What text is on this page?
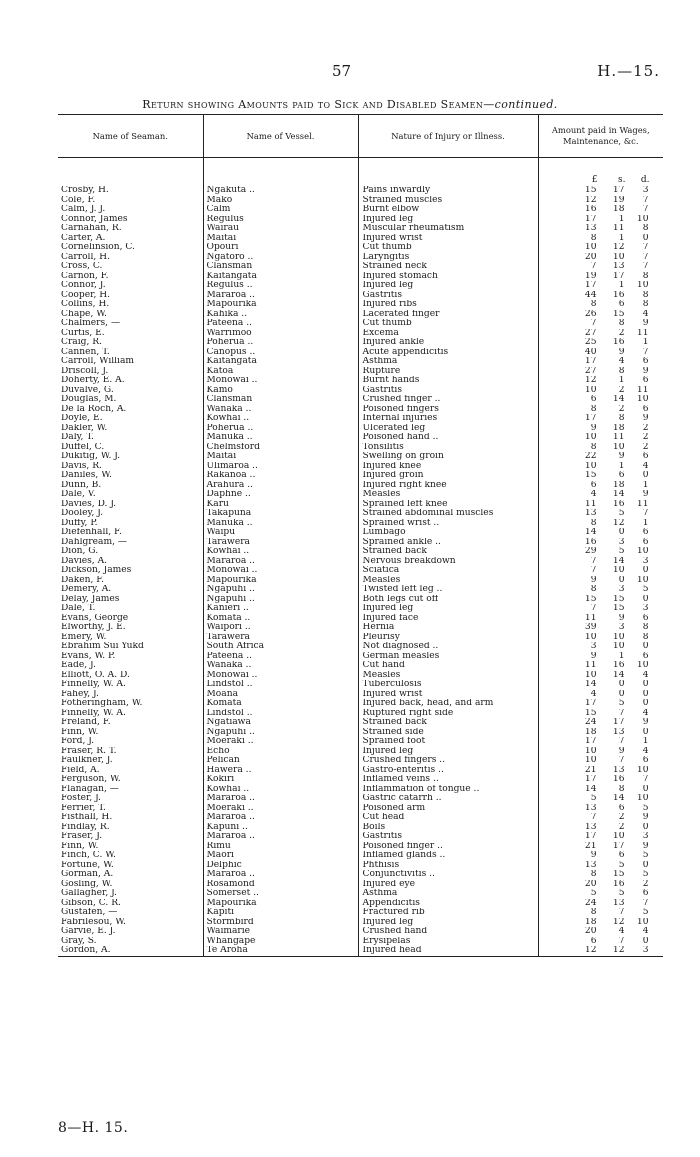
57	H.—15.
Return showing Amounts paid to Sick and Disabled Seamen—continued.
Name of Seaman.	Name of Vessel.	Nature of Injury or Illness.	Amount paid in Wages, Maintenance, &c.

			£ s. d.

Crosby, H.	Ngakuta ..	Pains inwardly	15 17 3

Cole, F.	Mako	Strained muscles	12 19 7

Calm, J. J.	Calm	Burnt elbow	16 18 7

Connor, James	Regulus	Injured leg	17 1 10

Carnahan, R.	Wairau	Muscular rheumatism	13 11 8

Carter, A.	Maitai	Injured wrist	8 1 0

Cornelinsion, C.	Opouri	Cut thumb	10 12 7

Carroll, H.	Ngatoro ..	Laryngitis	20 10 7

Cross, C.	Clansman	Strained neck	7 13 7

Carnon, F.	Kaitangata	Injured stomach	19 17 8

Connor, J.	Regulus ..	Injured leg	17 1 10

Cooper, H.	Mararoa ..	Gastritis	44 16 8

Collins, H.	Mapourika	Injured ribs	8 6 8

Chape, W.	Kahika ..	Lacerated finger	26 15 4

Chalmers, —	Pateena ..	Cut thumb	7 8 9

Curtis, E.	Warrimoo	Excema	27 2 11

Craig, R.	Poherua ..	Injured ankle	25 16 1

Cannen, T.	Canopus ..	Acute appendicitis	40 9 7

Carroll, William	Kaitangata	Asthma	17 4 6

Driscoll, J.	Katoa	Rupture	27 8 9

Doherty, E. A.	Monowai ..	Burnt hands	12 1 6

Duvalve, G.	Kamo	Gastritis	10 2 11

Douglas, M.	Clansman	Crushed finger ..	6 14 10

De la Roch, A.	Wanaka ..	Poisoned fingers	8 2 6

Doyle, E.	Kowhai ..	Internal injuries	17 8 9

Dakler, W.	Poherua ..	Ulcerated leg	9 18 2

Daly, T.	Manuka ..	Poisoned hand ..	10 11 2

Duffel, C.	Chelmsford	Tonsilitis	8 10 2

Dukitig, W. J.	Maitai	Swelling on groin	22 9 6

Davis, R.	Ulimaroa ..	Injured knee	10 1 4

Daniles, W.	Rakanoa ..	Injured groin	15 6 0

Dunn, B.	Arahura ..	Injured right knee	6 18 1

Dale, V.	Daphne ..	Measles	4 14 9

Davies, D. J.	Karu	Sprained left knee	11 16 11

Dooley, J.	Takapuna	Strained abdominal muscles	13 5 7

Duffy, P.	Manuka ..	Sprained wrist ..	8 12 1

Diefenhall, F.	Waipu	Lumbago	14 0 6

Dahlgream, —	Tarawera	Sprained ankle ..	16 3 6

Dion, G.	Kowhai ..	Strained back	29 5 10

Davies, A.	Mararoa ..	Nervous breakdown	7 14 3

Dickson, James	Monowai ..	Sciatica	7 10 0

Daken, F.	Mapourika	Measles	9 0 10

Demery, A.	Ngapuhi ..	Twisted left leg ..	8 3 5

Delay, James	Ngapuhi ..	Both legs cut off	15 15 0

Dale, T.	Kanieri ..	Injured leg	7 15 3

Evans, George	Komata ..	Injured face	11 9 6

Elworthy, J. E.	Waipori ..	Hernia	39 3 8

Emery, W.	Tarawera	Pleurisy	10 10 8

Ebrahim Sui Yukd	South Africa	Not diagnosed ..	3 10 0

Evans, W. P.	Pateena ..	German measles	9 1 6

Eade, J.	Wanaka ..	Cut hand	11 16 10

Elliott, O. A. D.	Monowai ..	Measles	10 14 4

Finnelly, W. A.	Lindstol ..	Tuberculosis	14 0 0

Fahey, J.	Moana	Injured wrist	4 0 0

Fotheringham, W.	Komata	Injured back, head, and arm	17 5 0

Finnelly, W. A.	Lindstol ..	Ruptured right side	15 7 4

Freland, F.	Ngatiawa	Strained back	24 17 9

Finn, W.	Ngapuhi ..	Strained side	18 13 0

Ford, J.	Moeraki ..	Sprained foot	17 7 1

Fraser, R. T.	Echo	Injured leg	10 9 4

Faulkner, J.	Pelican	Crushed fingers ..	10 7 6

Field, A.	Hawera ..	Gastro-enteritis ..	21 13 10

Ferguson, W.	Kokiri	Inflamed veins ..	17 16 7

Flanagan, —	Kowhai ..	Inflammation of tongue ..	14 8 0

Foster, J.	Mararoa ..	Gastric catarrh ..	5 14 10

Ferrier, T.	Moeraki ..	Poisoned arm	13 6 5

Fisthall, H.	Mararoa ..	Cut head	7 2 9

Findlay, R.	Kapuni ..	Boils	13 2 0

Fraser, J.	Mararoa ..	Gastritis	17 10 3

Finn, W.	Rimu	Poisoned finger ..	21 17 9

Finch, C. W.	Maori	Inflamed glands ..	9 6 5

Fortune, W.	Delphic	Phthisis	13 5 0

Gorman, A.	Mararoa ..	Conjunctivitis ..	8 15 5

Gosling, W.	Rosamond	Injured eye	20 16 2

Gallagher, J.	Somerset ..	Asthma	5 5 6

Gibson, C. R.	Mapourika	Appendicitis	24 13 7

Gustafen, —	Kapiti	Fractured rib	8 7 5

Fabrilesou, W.	Stormbird	Injured leg	18 12 10

Garvie, E. J.	Waimarie	Crushed hand	20 4 4

Gray, S.	Whangape	Erysipelas	6 7 0

Gordon, A.	Te Aroha	Injured head	12 12 3
8—H. 15.
